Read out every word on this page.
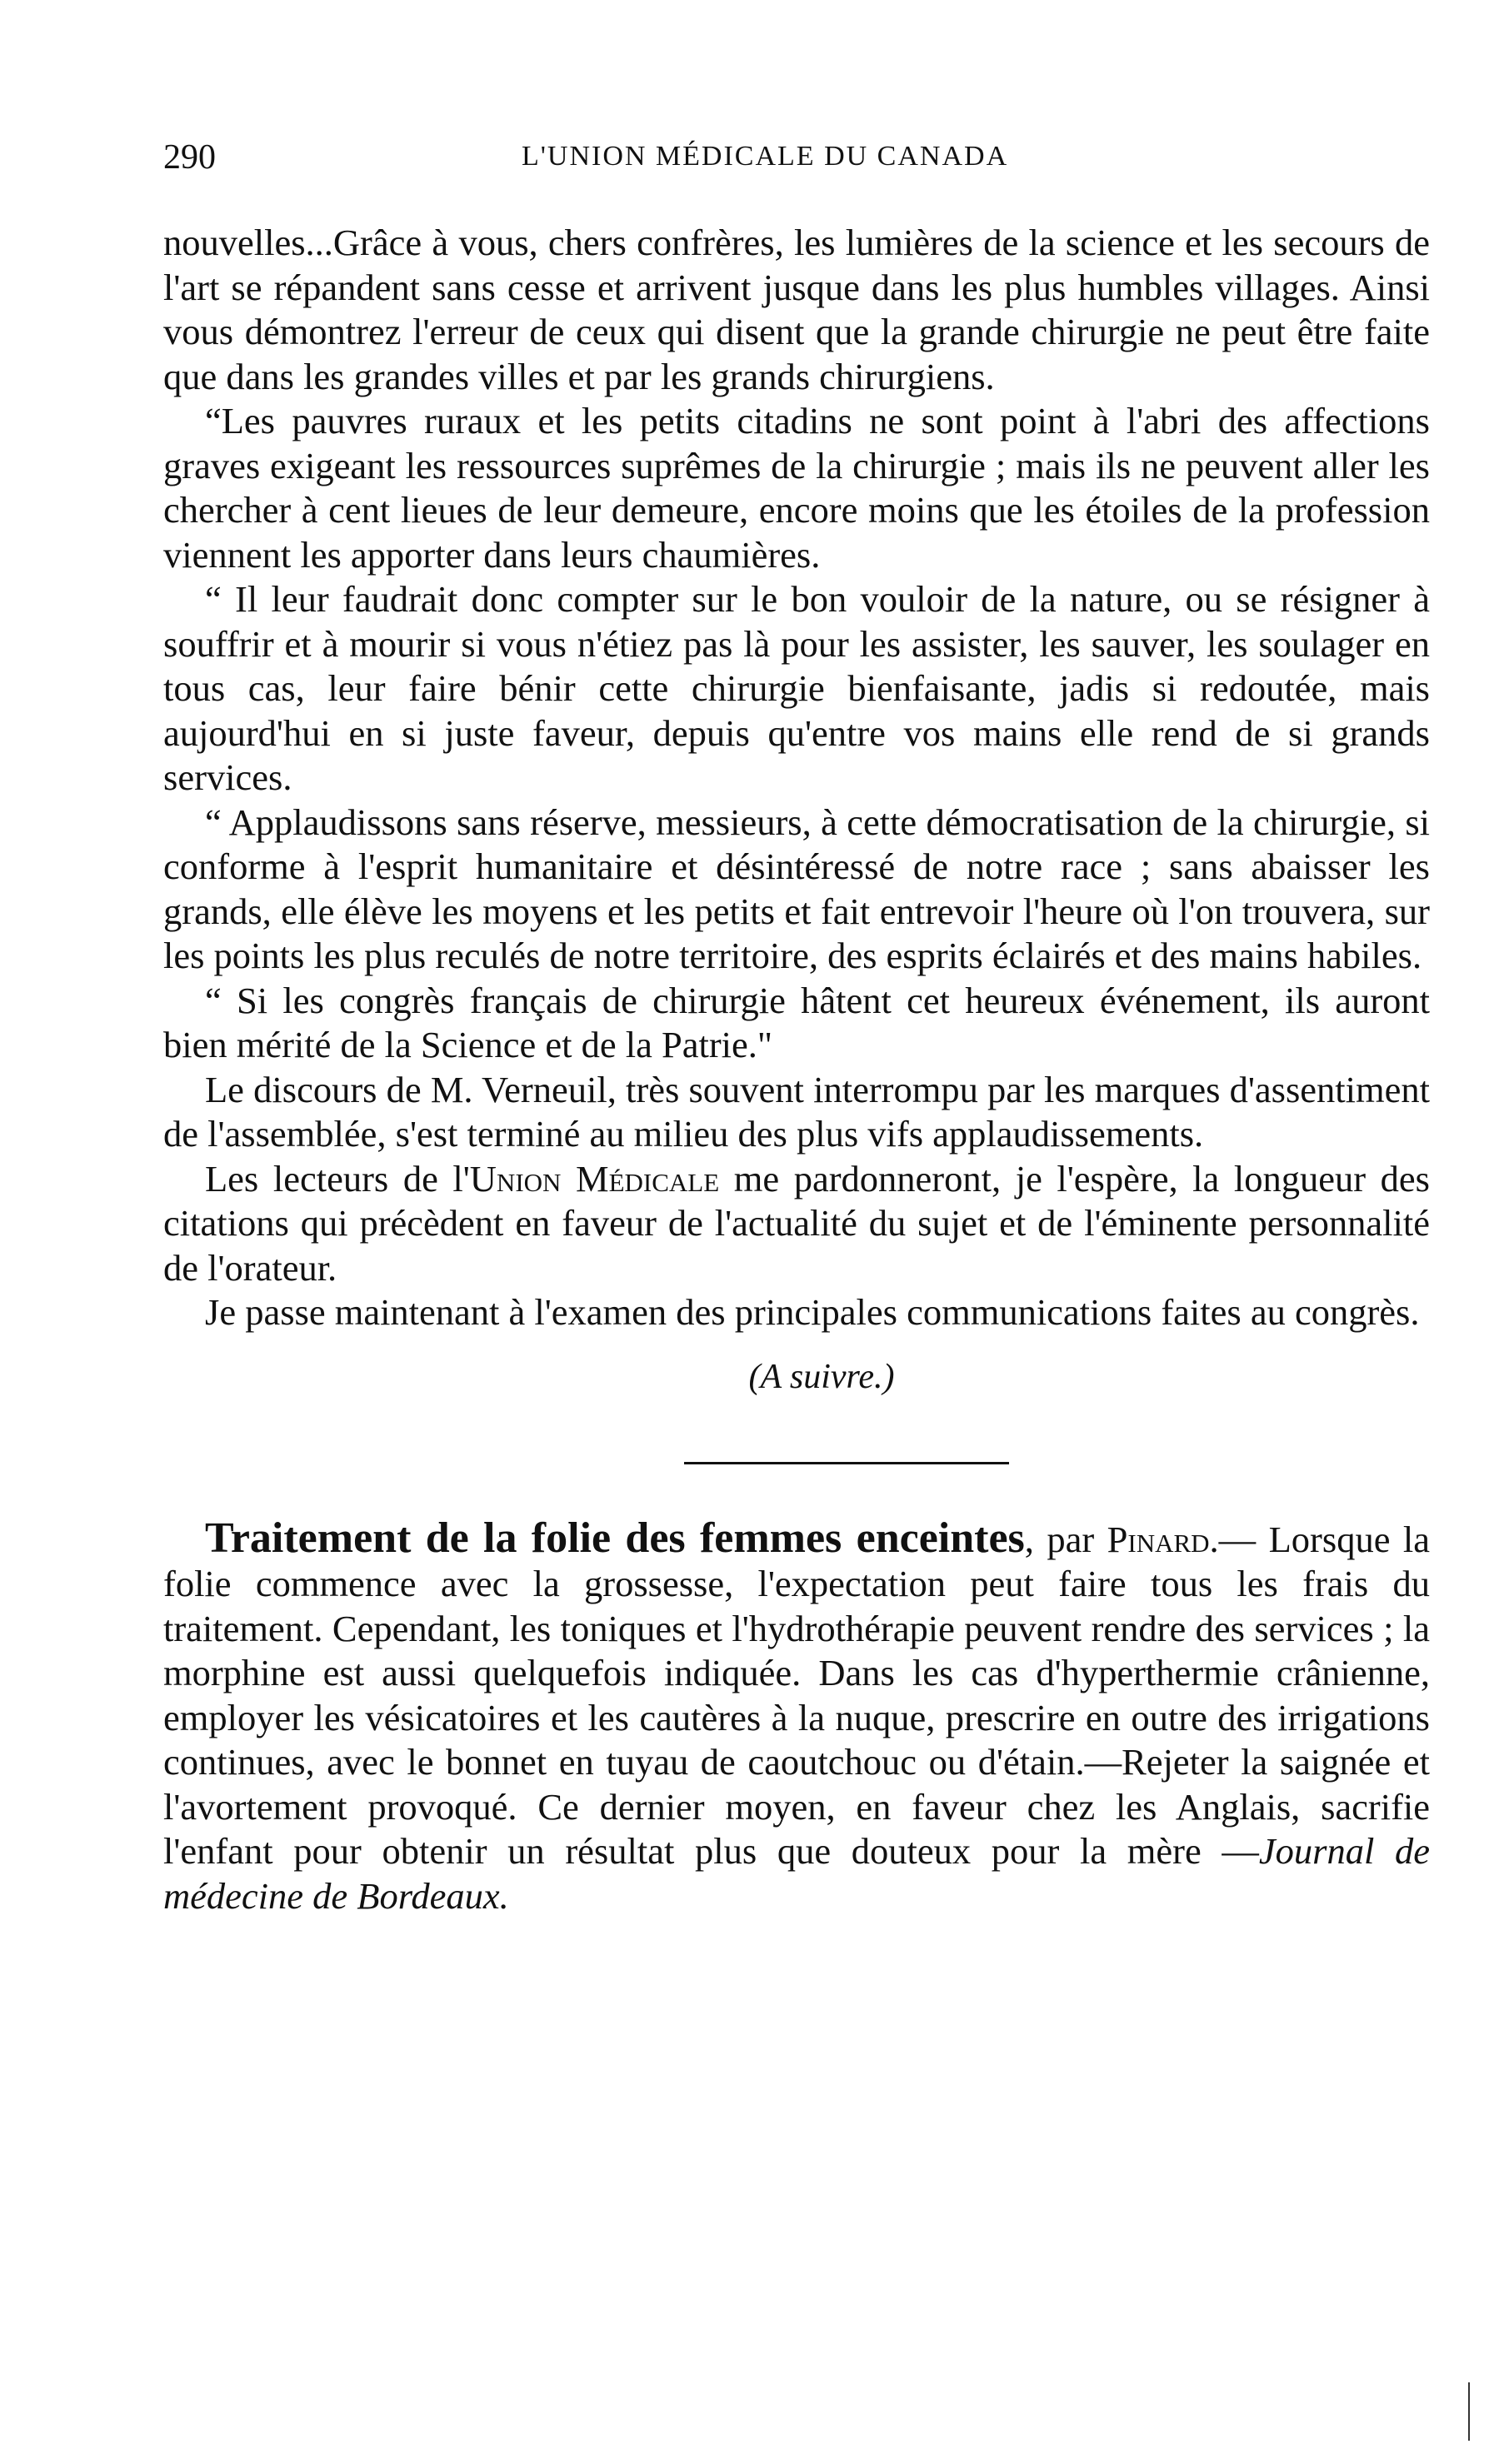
290	L'UNION MÉDICALE DU CANADA

nouvelles...Grâce à vous, chers confrères, les lumières de la science et les secours de l'art se répandent sans cesse et arrivent jusque dans les plus humbles villages. Ainsi vous démontrez l'erreur de ceux qui disent que la grande chirurgie ne peut être faite que dans les grandes villes et par les grands chirurgiens.

“Les pauvres ruraux et les petits citadins ne sont point à l'abri des affections graves exigeant les ressources suprêmes de la chirurgie ; mais ils ne peuvent aller les chercher à cent lieues de leur demeure, encore moins que les étoiles de la profession viennent les apporter dans leurs chaumières.

“ Il leur faudrait donc compter sur le bon vouloir de la nature, ou se résigner à souffrir et à mourir si vous n'étiez pas là pour les assister, les sauver, les soulager en tous cas, leur faire bénir cette chirurgie bienfaisante, jadis si redoutée, mais aujourd'hui en si juste faveur, depuis qu'entre vos mains elle rend de si grands services.

“ Applaudissons sans réserve, messieurs, à cette démocratisation de la chirurgie, si conforme à l'esprit humanitaire et désintéressé de notre race ; sans abaisser les grands, elle élève les moyens et les petits et fait entrevoir l'heure où l'on trouvera, sur les points les plus reculés de notre territoire, des esprits éclairés et des mains habiles.

“ Si les congrès français de chirurgie hâtent cet heureux événement, ils auront bien mérité de la Science et de la Patrie."

Le discours de M. Verneuil, très souvent interrompu par les marques d'assentiment de l'assemblée, s'est terminé au milieu des plus vifs applaudissements.

Les lecteurs de l'Union Médicale me pardonneront, je l'espère, la longueur des citations qui précèdent en faveur de l'actualité du sujet et de l'éminente personnalité de l'orateur.

Je passe maintenant à l'examen des principales communications faites au congrès.

(A suivre.)

Traitement de la folie des femmes enceintes, par Pinard.— Lorsque la folie commence avec la grossesse, l'expectation peut faire tous les frais du traitement. Cependant, les toniques et l'hydrothérapie peuvent rendre des services ; la morphine est aussi quelquefois indiquée. Dans les cas d'hyperthermie crânienne, employer les vésicatoires et les cautères à la nuque, prescrire en outre des irrigations continues, avec le bonnet en tuyau de caoutchouc ou d'étain.—Rejeter la saignée et l'avortement provoqué. Ce dernier moyen, en faveur chez les Anglais, sacrifie l'enfant pour obtenir un résultat plus que douteux pour la mère —Journal de médecine de Bordeaux.
